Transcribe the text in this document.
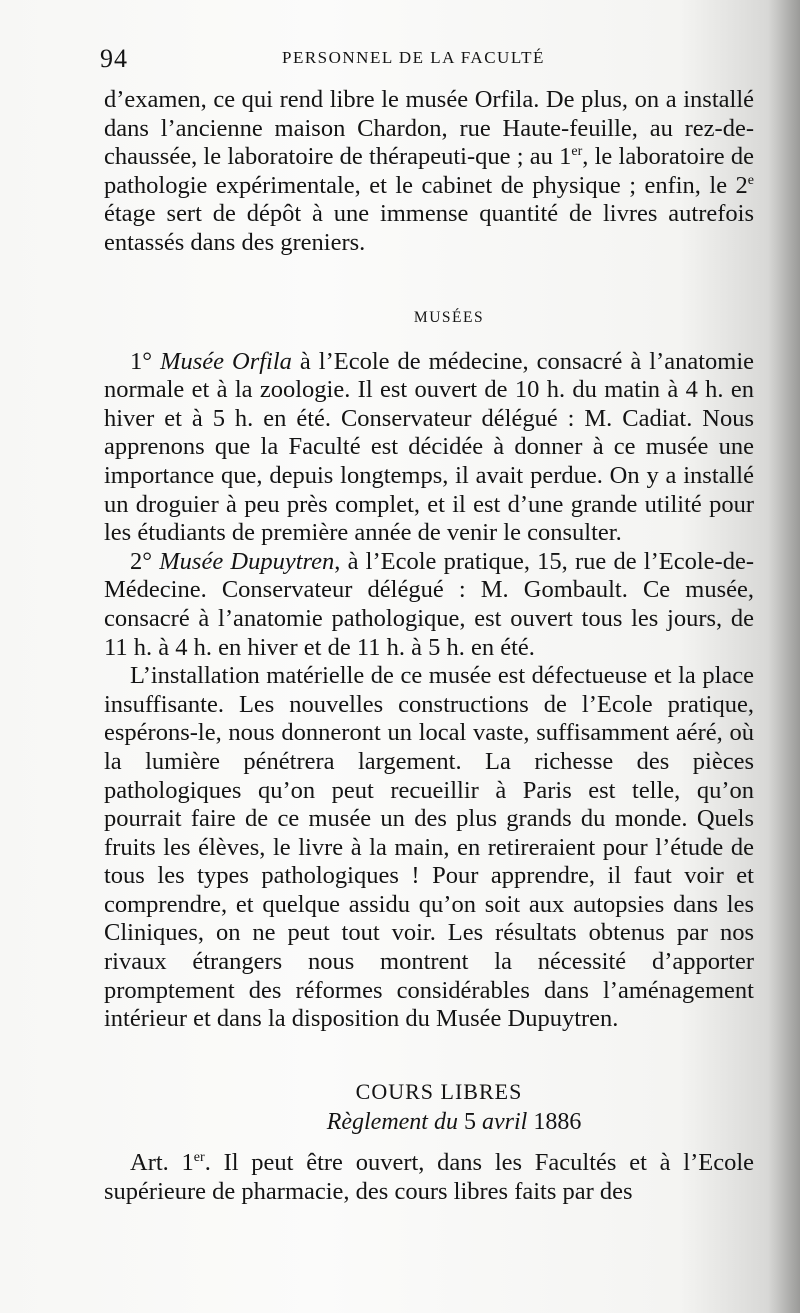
94	PERSONNEL DE LA FACULTÉ

d’examen, ce qui rend libre le musée Orfila. De plus, on a installé dans l’ancienne maison Chardon, rue Haute-feuille, au rez-de-chaussée, le laboratoire de thérapeuti-que ; au 1er, le laboratoire de pathologie expérimentale, et le cabinet de physique ; enfin, le 2e étage sert de dépôt à une immense quantité de livres autrefois entassés dans des greniers.

MUSÉES

1° Musée Orfila à l’Ecole de médecine, consacré à l’anatomie normale et à la zoologie. Il est ouvert de 10 h. du matin à 4 h. en hiver et à 5 h. en été. Conservateur délégué : M. Cadiat. Nous apprenons que la Faculté est décidée à donner à ce musée une importance que, depuis longtemps, il avait perdue. On y a installé un droguier à peu près complet, et il est d’une grande utilité pour les étudiants de première année de venir le consulter.

2° Musée Dupuytren, à l’Ecole pratique, 15, rue de l’Ecole-de-Médecine. Conservateur délégué : M. Gombault. Ce musée, consacré à l’anatomie pathologique, est ouvert tous les jours, de 11 h. à 4 h. en hiver et de 11 h. à 5 h. en été.

L’installation matérielle de ce musée est défectueuse et la place insuffisante. Les nouvelles constructions de l’Ecole pratique, espérons-le, nous donneront un local vaste, suffisamment aéré, où la lumière pénétrera largement. La richesse des pièces pathologiques qu’on peut recueillir à Paris est telle, qu’on pourrait faire de ce musée un des plus grands du monde. Quels fruits les élèves, le livre à la main, en retireraient pour l’étude de tous les types pathologiques ! Pour apprendre, il faut voir et comprendre, et quelque assidu qu’on soit aux autopsies dans les Cliniques, on ne peut tout voir. Les résultats obtenus par nos rivaux étrangers nous montrent la nécessité d’apporter promptement des réformes considérables dans l’aménagement intérieur et dans la disposition du Musée Dupuytren.

COURS LIBRES
Règlement du 5 avril 1886

Art. 1er. Il peut être ouvert, dans les Facultés et à l’Ecole supérieure de pharmacie, des cours libres faits par des
